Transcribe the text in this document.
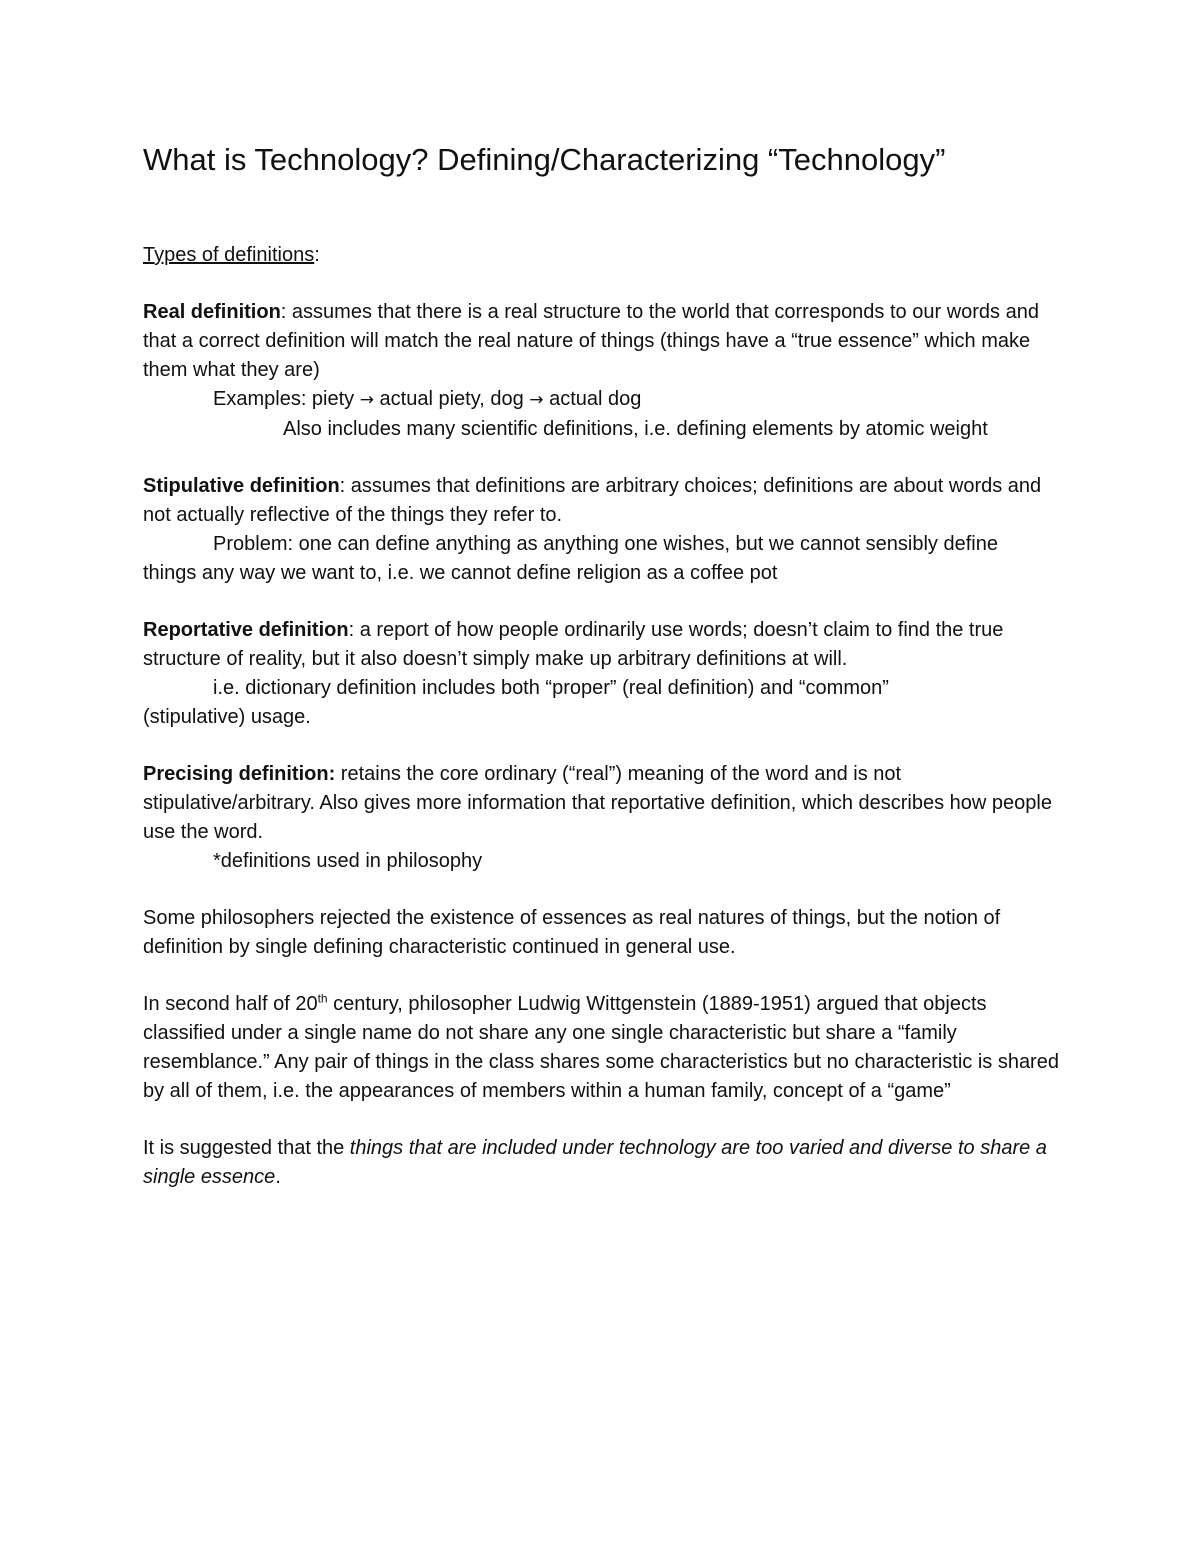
What is Technology? Defining/Characterizing “Technology”

Types of definitions:

Real definition: assumes that there is a real structure to the world that corresponds to our words and that a correct definition will match the real nature of things (things have a “true essence” which make them what they are)

Examples: piety → actual piety, dog → actual dog

Also includes many scientific definitions, i.e. defining elements by atomic weight

Stipulative definition: assumes that definitions are arbitrary choices; definitions are about words and not actually reflective of the things they refer to.

Problem: one can define anything as anything one wishes, but we cannot sensibly define

things any way we want to, i.e. we cannot define religion as a coffee pot

Reportative definition: a report of how people ordinarily use words; doesn’t claim to find the true structure of reality, but it also doesn’t simply make up arbitrary definitions at will.

i.e. dictionary definition includes both “proper” (real definition) and “common”

(stipulative) usage.

Precising definition: retains the core ordinary (“real”) meaning of the word and is not stipulative/arbitrary. Also gives more information that reportative definition, which describes how people use the word.

*definitions used in philosophy

Some philosophers rejected the existence of essences as real natures of things, but the notion of definition by single defining characteristic continued in general use.

In second half of 20th century, philosopher Ludwig Wittgenstein (1889-1951) argued that objects classified under a single name do not share any one single characteristic but share a “family resemblance.” Any pair of things in the class shares some characteristics but no characteristic is shared by all of them, i.e. the appearances of members within a human family, concept of a “game”

It is suggested that the things that are included under technology are too varied and diverse to share a single essence.
